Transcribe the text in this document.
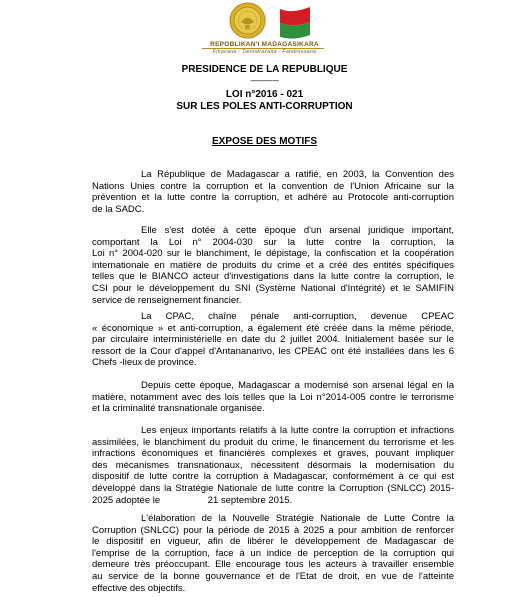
REPOBLIKAN'I MADAGASIKARA
Fitiavana - Tanindrazana - Fandrosoana
PRESIDENCE DE LA REPUBLIQUE
-------------
LOI n°2016 - 021
SUR LES POLES ANTI-CORRUPTION
EXPOSE DES MOTIFS
La République de Madagascar a ratifié, en 2003, la Convention des
Nations Unies contre la corruption et la convention de l'Union Africaine sur la
prévention et la lutte contre la corruption, et adhéré au Protocole anti-corruption
de la SADC.
Elle s'est dotée à cette époque d'un arsenal juridique important,
comportant la Loi n° 2004-030 sur la lutte contre la corruption, la
Loi n° 2004-020 sur le blanchiment, le dépistage, la confiscation et la coopération
internationale en matière de produits du crime et a créé des entités spécifiques
telles que le BIANCO acteur d'investigations dans la lutte contre la corruption, le
CSI pour le développement du SNI (Système National d'Intégrité) et le SAMIFIN
service de renseignement financier.
La CPAC, chaîne pénale anti-corruption, devenue CPEAC
« économique » et anti-corruption, a également été créée dans la même période,
par circulaire interministérielle en date du 2 juillet 2004. Initialement basée sur le
ressort de la Cour d'appel d'Antananarivo, les CPEAC ont été installées dans les 6
Chefs -lieux de province.
Depuis cette époque, Madagascar a modernisé son arsenal légal en la
matière, notamment avec des lois telles que la Loi n°2014-005 contre le terrorisme
et la criminalité transnationale organisée.
Les enjeux importants relatifs à la lutte contre la corruption et infractions
assimilées, le blanchiment du produit du crime, le financement du terrorisme et les
infractions économiques et financières complexes et graves, pouvant impliquer
des mécanismes transnationaux, nécessitent désormais la modernisation du
dispositif de lutte contre la corruption à Madagascar, conformément à ce qui est
développé dans la Stratégie Nationale de lutte contre la Corruption (SNLCC) 2015-
2025 adoptée le                  21 septembre 2015.
L'élaboration de la Nouvelle Stratégie Nationale de Lutte Contre la
Corruption (SNLCC) pour la période de 2015 à 2025 a pour ambition de renforcer
le dispositif en vigueur, afin de libérer le développement de Madagascar de
l'emprise de la corruption, face à un indice de perception de la corruption qui
demeure très préoccupant. Elle encourage tous les acteurs à travailler ensemble
au service de la bonne gouvernance et de l'Etat de droit, en vue de l'atteinte
effective des objectifs.
